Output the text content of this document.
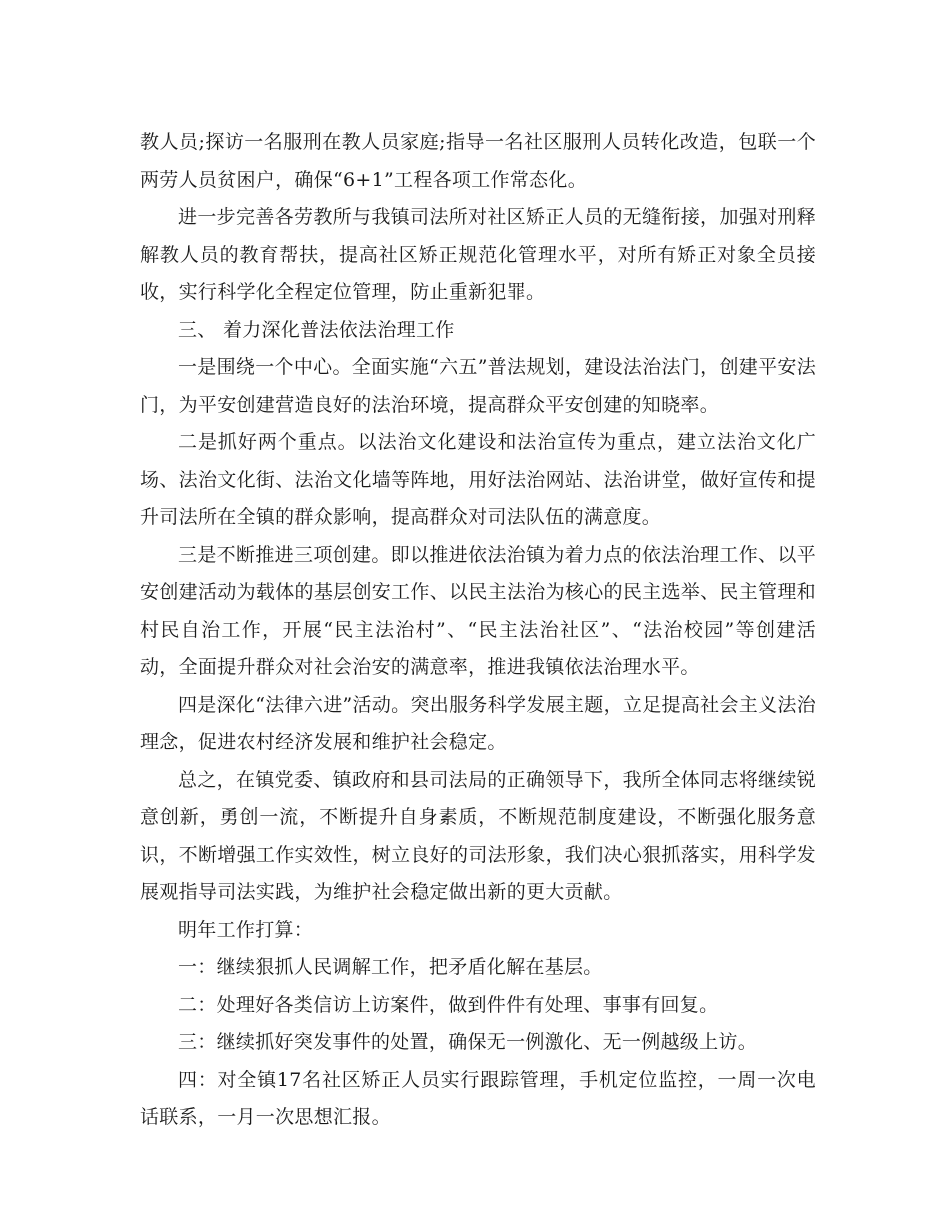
教人员;探访一名服刑在教人员家庭;指导一名社区服刑人员转化改造，包联一个两劳人员贫困户，确保“6+1”工程各项工作常态化。

进一步完善各劳教所与我镇司法所对社区矫正人员的无缝衔接，加强对刑释解教人员的教育帮扶，提高社区矫正规范化管理水平，对所有矫正对象全员接收，实行科学化全程定位管理，防止重新犯罪。

三、 着力深化普法依法治理工作

一是围绕一个中心。全面实施“六五”普法规划，建设法治法门，创建平安法门，为平安创建营造良好的法治环境，提高群众平安创建的知晓率。

二是抓好两个重点。以法治文化建设和法治宣传为重点，建立法治文化广场、法治文化街、法治文化墙等阵地，用好法治网站、法治讲堂，做好宣传和提升司法所在全镇的群众影响，提高群众对司法队伍的满意度。

三是不断推进三项创建。即以推进依法治镇为着力点的依法治理工作、以平安创建活动为载体的基层创安工作、以民主法治为核心的民主选举、民主管理和村民自治工作，开展“民主法治村”、“民主法治社区”、“法治校园”等创建活动，全面提升群众对社会治安的满意率，推进我镇依法治理水平。

四是深化“法律六进”活动。突出服务科学发展主题，立足提高社会主义法治理念，促进农村经济发展和维护社会稳定。

总之，在镇党委、镇政府和县司法局的正确领导下，我所全体同志将继续锐意创新，勇创一流，不断提升自身素质，不断规范制度建设，不断强化服务意识，不断增强工作实效性，树立良好的司法形象，我们决心狠抓落实，用科学发展观指导司法实践，为维护社会稳定做出新的更大贡献。

明年工作打算：

一：继续狠抓人民调解工作，把矛盾化解在基层。

二：处理好各类信访上访案件，做到件件有处理、事事有回复。

三：继续抓好突发事件的处置，确保无一例激化、无一例越级上访。

四：对全镇17名社区矫正人员实行跟踪管理，手机定位监控，一周一次电话联系，一月一次思想汇报。
